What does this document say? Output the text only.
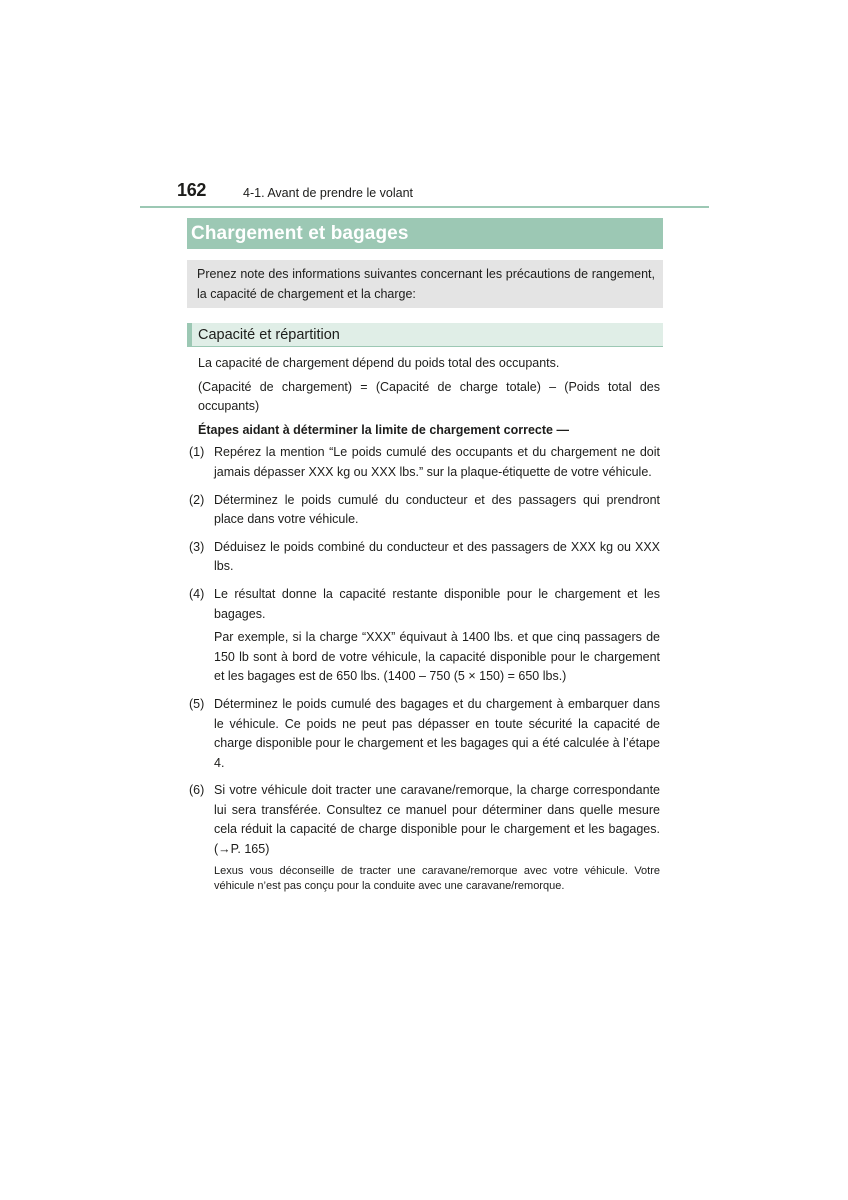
162	4-1. Avant de prendre le volant
Chargement et bagages
Prenez note des informations suivantes concernant les précautions de rangement, la capacité de chargement et la charge:
Capacité et répartition

La capacité de chargement dépend du poids total des occupants.

(Capacité de chargement) = (Capacité de charge totale) – (Poids total des occupants)

Étapes aidant à déterminer la limite de chargement correcte —
(1) Repérez la mention “Le poids cumulé des occupants et du chargement ne doit jamais dépasser XXX kg ou XXX lbs.” sur la plaque-étiquette de votre véhicule.

(2) Déterminez le poids cumulé du conducteur et des passagers qui prendront place dans votre véhicule.

(3) Déduisez le poids combiné du conducteur et des passagers de XXX kg ou XXX lbs.

(4) Le résultat donne la capacité restante disponible pour le chargement et les bagages.

Par exemple, si la charge “XXX” équivaut à 1400 lbs. et que cinq passagers de 150 lb sont à bord de votre véhicule, la capacité disponible pour le chargement et les bagages est de 650 lbs. (1400 – 750 (5 × 150) = 650 lbs.)

(5) Déterminez le poids cumulé des bagages et du chargement à embarquer dans le véhicule. Ce poids ne peut pas dépasser en toute sécurité la capacité de charge disponible pour le chargement et les bagages qui a été calculée à l’étape 4.

(6) Si votre véhicule doit tracter une caravane/remorque, la charge correspondante lui sera transférée. Consultez ce manuel pour déterminer dans quelle mesure cela réduit la capacité de charge disponible pour le chargement et les bagages. (→P. 165)

Lexus vous déconseille de tracter une caravane/remorque avec votre véhicule. Votre véhicule n’est pas conçu pour la conduite avec une caravane/remorque.
